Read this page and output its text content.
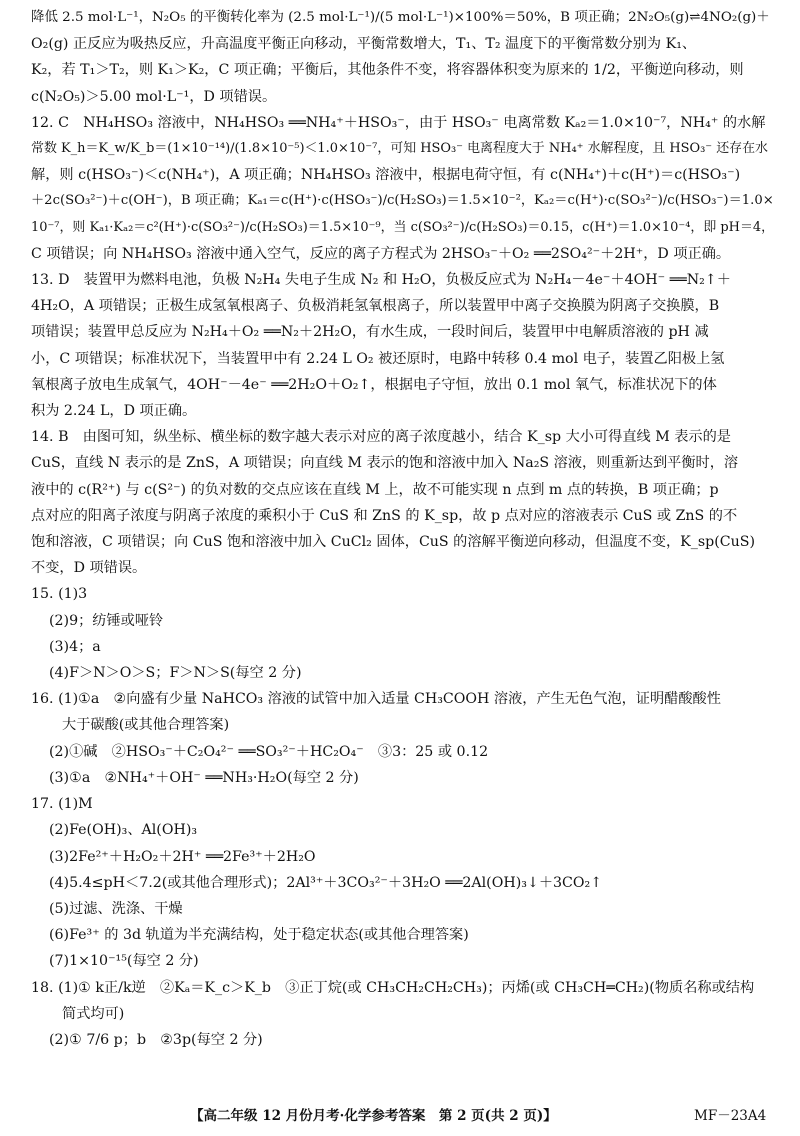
降低 2.5 mol·L⁻¹，N₂O₅ 的平衡转化率为 (2.5 mol·L⁻¹)/(5 mol·L⁻¹)×100%＝50%，B 项正确；2N₂O₅(g)⇌4NO₂(g)＋
O₂(g) 正反应为吸热反应，升高温度平衡正向移动，平衡常数增大，T₁、T₂ 温度下的平衡常数分别为 K₁、
K₂，若 T₁＞T₂，则 K₁＞K₂，C 项正确；平衡后，其他条件不变，将容器体积变为原来的 1/2，平衡逆向移动，则
c(N₂O₅)＞5.00 mol·L⁻¹，D 项错误。
12. C　NH₄HSO₃ 溶液中，NH₄HSO₃ ══NH₄⁺＋HSO₃⁻，由于 HSO₃⁻ 电离常数 Kₐ₂＝1.0×10⁻⁷，NH₄⁺ 的水解
常数 K_h＝K_w/K_b＝(1×10⁻¹⁴)/(1.8×10⁻⁵)＜1.0×10⁻⁷，可知 HSO₃⁻ 电离程度大于 NH₄⁺ 水解程度，且 HSO₃⁻ 还存在水
解，则 c(HSO₃⁻)＜c(NH₄⁺)，A 项正确；NH₄HSO₃ 溶液中，根据电荷守恒，有 c(NH₄⁺)＋c(H⁺)＝c(HSO₃⁻)
＋2c(SO₃²⁻)＋c(OH⁻)，B 项正确；Kₐ₁＝c(H⁺)·c(HSO₃⁻)/c(H₂SO₃)＝1.5×10⁻²，Kₐ₂＝c(H⁺)·c(SO₃²⁻)/c(HSO₃⁻)＝1.0×
10⁻⁷，则 Kₐ₁·Kₐ₂＝c²(H⁺)·c(SO₃²⁻)/c(H₂SO₃)＝1.5×10⁻⁹，当 c(SO₃²⁻)/c(H₂SO₃)＝0.15，c(H⁺)＝1.0×10⁻⁴，即 pH＝4，
C 项错误；向 NH₄HSO₃ 溶液中通入空气，反应的离子方程式为 2HSO₃⁻＋O₂ ══2SO₄²⁻＋2H⁺，D 项正确。
13. D　装置甲为燃料电池，负极 N₂H₄ 失电子生成 N₂ 和 H₂O，负极反应式为 N₂H₄－4e⁻＋4OH⁻ ══N₂↑＋
4H₂O，A 项错误；正极生成氢氧根离子、负极消耗氢氧根离子，所以装置甲中离子交换膜为阴离子交换膜，B
项错误；装置甲总反应为 N₂H₄＋O₂ ══N₂＋2H₂O，有水生成，一段时间后，装置甲中电解质溶液的 pH 减
小，C 项错误；标准状况下，当装置甲中有 2.24 L O₂ 被还原时，电路中转移 0.4 mol 电子，装置乙阳极上氢
氧根离子放电生成氧气，4OH⁻－4e⁻ ══2H₂O＋O₂↑，根据电子守恒，放出 0.1 mol 氧气，标准状况下的体
积为 2.24 L，D 项正确。
14. B　由图可知，纵坐标、横坐标的数字越大表示对应的离子浓度越小，结合 K_sp 大小可得直线 M 表示的是
CuS，直线 N 表示的是 ZnS，A 项错误；向直线 M 表示的饱和溶液中加入 Na₂S 溶液，则重新达到平衡时，溶
液中的 c(R²⁺) 与 c(S²⁻) 的负对数的交点应该在直线 M 上，故不可能实现 n 点到 m 点的转换，B 项正确；p
点对应的阳离子浓度与阴离子浓度的乘积小于 CuS 和 ZnS 的 K_sp，故 p 点对应的溶液表示 CuS 或 ZnS 的不
饱和溶液，C 项错误；向 CuS 饱和溶液中加入 CuCl₂ 固体，CuS 的溶解平衡逆向移动，但温度不变，K_sp(CuS)
不变，D 项错误。
15. (1)3
(2)9；纺锤或哑铃
(3)4；a
(4)F＞N＞O＞S；F＞N＞S(每空 2 分)
16. (1)①a　②向盛有少量 NaHCO₃ 溶液的试管中加入适量 CH₃COOH 溶液，产生无色气泡，证明醋酸酸性
大于碳酸(或其他合理答案)
(2)①碱　②HSO₃⁻＋C₂O₄²⁻ ══SO₃²⁻＋HC₂O₄⁻　③3：25 或 0.12
(3)①a　②NH₄⁺＋OH⁻ ══NH₃·H₂O(每空 2 分)
17. (1)M
(2)Fe(OH)₃、Al(OH)₃
(3)2Fe²⁺＋H₂O₂＋2H⁺ ══2Fe³⁺＋2H₂O
(4)5.4≤pH＜7.2(或其他合理形式)；2Al³⁺＋3CO₃²⁻＋3H₂O ══2Al(OH)₃↓＋3CO₂↑
(5)过滤、洗涤、干燥
(6)Fe³⁺ 的 3d 轨道为半充满结构，处于稳定状态(或其他合理答案)
(7)1×10⁻¹⁵(每空 2 分)
18. (1)① k正/k逆　②Kₐ＝K_c＞K_b　③正丁烷(或 CH₃CH₂CH₂CH₃)；丙烯(或 CH₃CH═CH₂)(物质名称或结构
简式均可)
(2)① 7/6 p；b　②3p(每空 2 分)
【高二年级 12 月份月考·化学参考答案　第 2 页(共 2 页)】	MF－23A4
